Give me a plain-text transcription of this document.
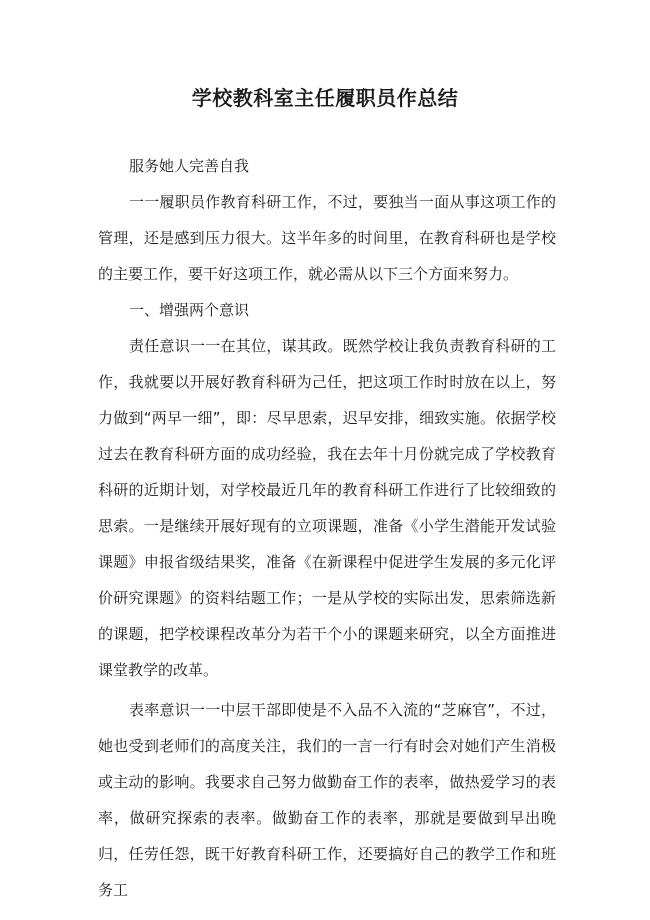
学校教科室主任履职员作总结

服务她人完善自我

一一履职员作教育科研工作，不过，要独当一面从事这项工作的管理，还是感到压力很大。这半年多的时间里，在教育科研也是学校的主要工作，要干好这项工作，就必需从以下三个方面来努力。

一、增强两个意识

责任意识一一在其位，谋其政。既然学校让我负责教育科研的工作，我就要以开展好教育科研为己任，把这项工作时时放在以上，努力做到“两早一细”，即：尽早思索，迟早安排，细致实施。依据学校过去在教育科研方面的成功经验，我在去年十月份就完成了学校教育科研的近期计划，对学校最近几年的教育科研工作进行了比较细致的思索。一是继续开展好现有的立项课题，准备《小学生潜能开发试验课题》申报省级结果奖，准备《在新课程中促进学生发展的多元化评价研究课题》的资料结题工作；一是从学校的实际出发，思索筛选新的课题，把学校课程改革分为若干个小的课题来研究，以全方面推进课堂教学的改革。

表率意识一一中层干部即使是不入品不入流的“芝麻官”，不过，她也受到老师们的高度关注，我们的一言一行有时会对她们产生消极或主动的影响。我要求自己努力做勤奋工作的表率，做热爱学习的表率，做研究探索的表率。做勤奋工作的表率，那就是要做到早出晚归，任劳任怨，既干好教育科研工作，还要搞好自己的教学工作和班务工
